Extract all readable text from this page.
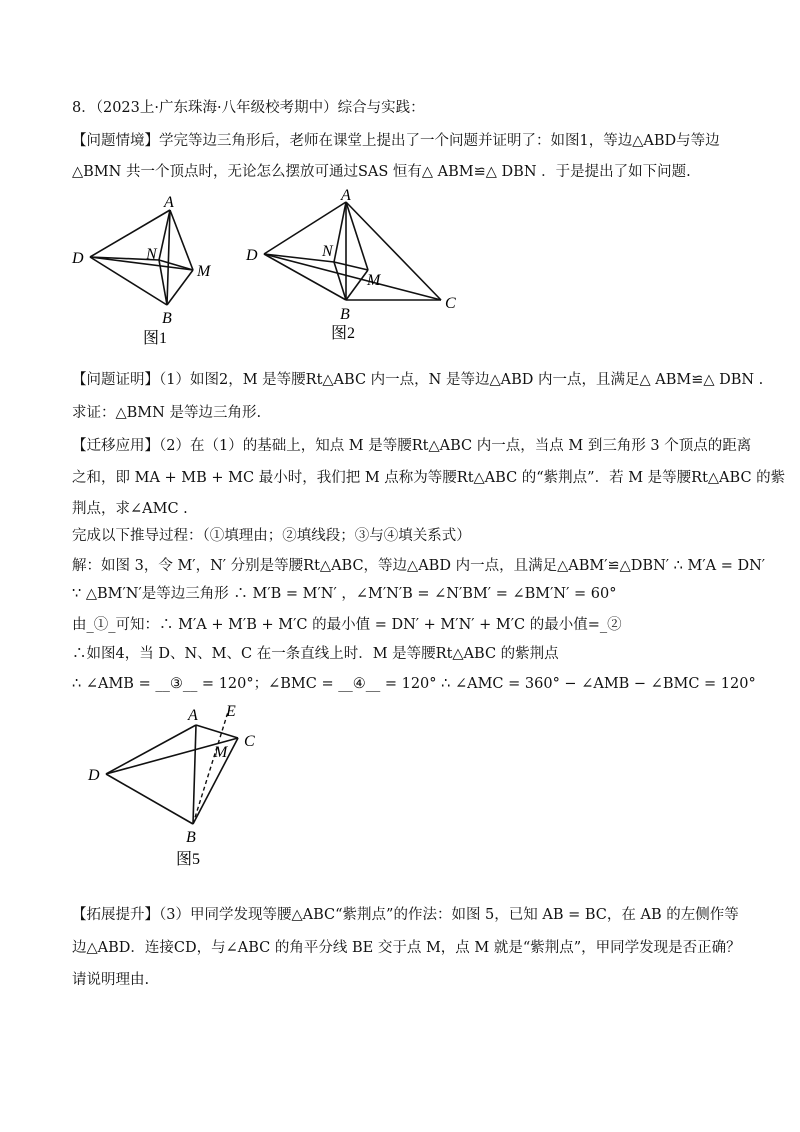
8．（2023上·广东珠海·八年级校考期中）综合与实践：
【问题情境】学完等边三角形后，老师在课堂上提出了一个问题并证明了：如图1，等边△ABD与等边
△BMN 共一个顶点时，无论怎么摆放可通过SAS 恒有△ ABM≌△ DBN ．于是提出了如下问题.
A
D	N
M
B
图1
A
D	N
M
B
C
图2
【问题证明】（1）如图2，M 是等腰Rt△ABC 内一点，N 是等边△ABD 内一点，且满足△ ABM≌△ DBN .
求证：△BMN 是等边三角形.
【迁移应用】（2）在（1）的基础上，知点 M 是等腰Rt△ABC 内一点，当点 M 到三角形 3 个顶点的距离
之和，即 MA + MB + MC 最小时，我们把 M 点称为等腰Rt△ABC 的“紫荆点”．若 M 是等腰Rt△ABC 的紫
荆点，求∠AMC .
完成以下推导过程：（①填理由；②填线段；③与④填关系式）
解：如图 3，令 M′，N′ 分别是等腰Rt△ABC，等边△ABD 内一点，且满足△ABM′≌△DBN′ ∴ M′A = DN′
∵ △BM′N′是等边三角形 ∴ M′B = M′N′ ，∠M′N′B = ∠N′BM′ = ∠BM′N′ = 60°
由_①_可知：∴ M′A + M′B + M′C 的最小值 = DN′ + M′N′ + M′C 的最小值=_②
∴如图4，当 D、N、M、C 在一条直线上时．M 是等腰Rt△ABC 的紫荆点
∴ ∠AMB = __③__ = 120°；∠BMC = __④__ = 120° ∴ ∠AMC = 360° − ∠AMB − ∠BMC = 120°
A E
C
M
D
B
图5
【拓展提升】（3）甲同学发现等腰△ABC“紫荆点”的作法：如图 5，已知 AB = BC，在 AB 的左侧作等
边△ABD．连接CD，与∠ABC 的角平分线 BE 交于点 M，点 M 就是“紫荆点”，甲同学发现是否正确？
请说明理由.
